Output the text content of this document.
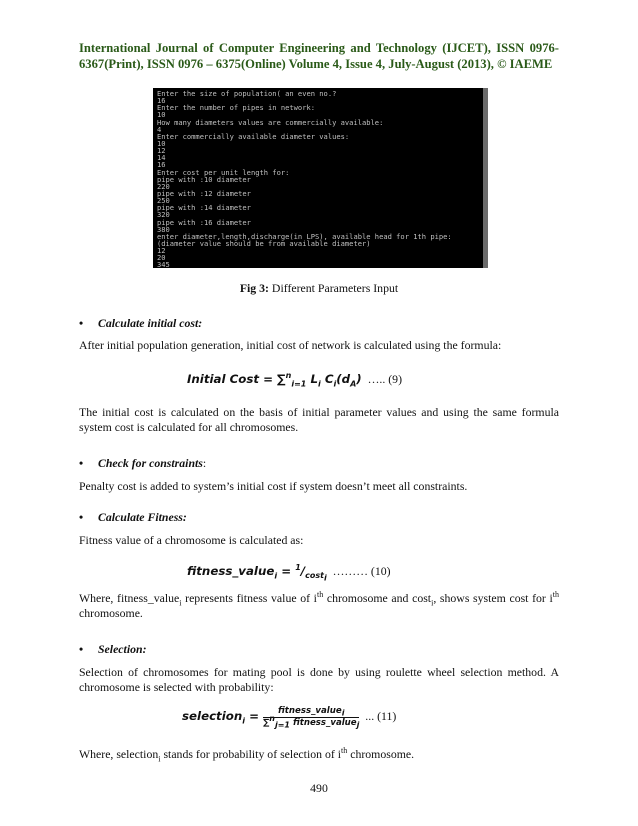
International Journal of Computer Engineering and Technology (IJCET), ISSN 0976-6367(Print), ISSN 0976 – 6375(Online) Volume 4, Issue 4, July-August (2013), © IAEME
Enter the size of population( an even no.?
16
Enter the number of pipes in network:
10
How many diameters values are commercially available:
4
Enter commercially available diameter values:
10
12
14
16
Enter cost per unit length for:
pipe with :10 diameter
220
pipe with :12 diameter
250
pipe with :14 diameter
320
pipe with :16 diameter
380
enter diameter,length,discharge(in LPS), available head for 1th pipe:
(diameter value should be from available diameter)
12
20
345
Fig 3: Different Parameters Input
• Calculate initial cost:
After initial population generation, initial cost of network is calculated using the formula:
Initial Cost = ∑$^n_{i=1}$ $L_i$ $C_i(d_A)$ ….. (9)
The initial cost is calculated on the basis of initial parameter values and using the same formula system cost is calculated for all chromosomes.
• Check for constraints:
Penalty cost is added to system’s initial cost if system doesn’t meet all constraints.
• Calculate Fitness:
Fitness value of a chromosome is calculated as:
fitness_value$_i$ = $^1/_{cost_i}$  ……… (10)
Where, fitness_value$_i$ represents fitness value of $i^{th}$ chromosome and cost$_i$, shows system cost for $i^{th}$ chromosome.
• Selection:
Selection of chromosomes for mating pool is done by using roulette wheel selection method. A chromosome is selected with probability:
selection$_i$ = $\frac{fitness\_value_i}{\sum^n_{j=1} fitness\_value_j}$ ... (11)
Where, selection$_i$ stands for probability of selection of $i^{th}$ chromosome.
490
